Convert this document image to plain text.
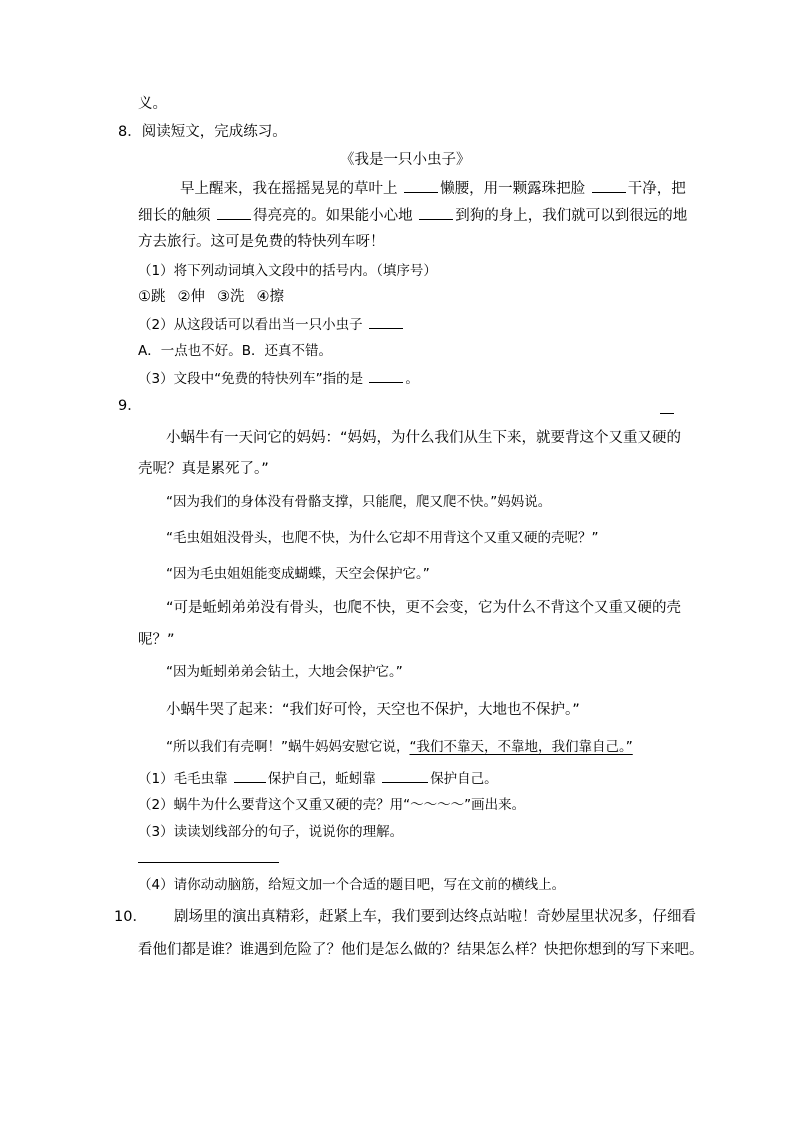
义。
8．阅读短文，完成练习。
《我是一只小虫子》
早上醒来，我在摇摇晃晃的草叶上	懒腰，用一颗露珠把脸	干净，把
细长的触须	得亮亮的。如果能小心地	到狗的身上，我们就可以到很远的地
方去旅行。这可是免费的特快列车呀！
（1）将下列动词填入文段中的括号内。（填序号）
①跳 ②伸 ③洗 ④擦
（2）从这段话可以看出当一只小虫子
A．一点也不好。B．还真不错。
（3）文段中“免费的特快列车”指的是	。
9．
小蜗牛有一天问它的妈妈：“妈妈，为什么我们从生下来，就要背这个又重又硬的
壳呢？真是累死了。”
“因为我们的身体没有骨骼支撑，只能爬，爬又爬不快。”妈妈说。
“毛虫姐姐没骨头，也爬不快，为什么它却不用背这个又重又硬的壳呢？”
“因为毛虫姐姐能变成蝴蝶，天空会保护它。”
“可是蚯蚓弟弟没有骨头，也爬不快，更不会变，它为什么不背这个又重又硬的壳
呢？”
“因为蚯蚓弟弟会钻土，大地会保护它。”
小蜗牛哭了起来：“我们好可怜，天空也不保护，大地也不保护。”
“所以我们有壳啊！”蜗牛妈妈安慰它说，“我们不靠天，不靠地，我们靠自己。”
（1）毛毛虫靠	保护自己，蚯蚓靠	保护自己。
（2）蜗牛为什么要背这个又重又硬的壳？用“～～～～”画出来。
（3）读读划线部分的句子，说说你的理解。
（4）请你动动脑筋，给短文加一个合适的题目吧，写在文前的横线上。
10． 剧场里的演出真精彩，赶紧上车，我们要到达终点站啦！奇妙屋里状况多，仔细看
看他们都是谁？谁遇到危险了？他们是怎么做的？结果怎么样？快把你想到的写下来吧。
